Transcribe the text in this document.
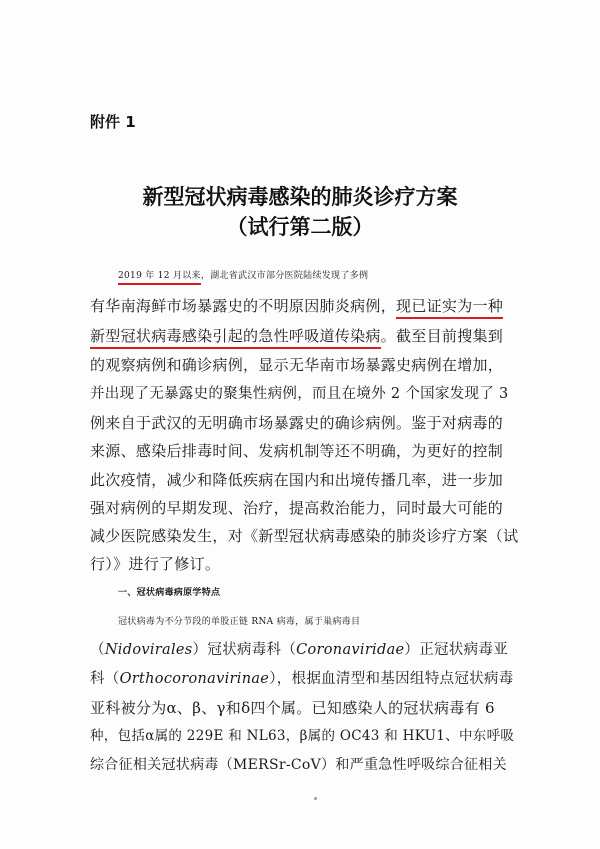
附件 1
新型冠状病毒感染的肺炎诊疗方案
（试行第二版）
2019 年 12 月以来，湖北省武汉市部分医院陆续发现了多例
有华南海鲜市场暴露史的不明原因肺炎病例，现已证实为一种
新型冠状病毒感染引起的急性呼吸道传染病。截至目前搜集到
的观察病例和确诊病例，显示无华南市场暴露史病例在增加，
并出现了无暴露史的聚集性病例，而且在境外 2 个国家发现了 3
例来自于武汉的无明确市场暴露史的确诊病例。鉴于对病毒的
来源、感染后排毒时间、发病机制等还不明确，为更好的控制
此次疫情，减少和降低疾病在国内和出境传播几率，进一步加
强对病例的早期发现、治疗，提高救治能力，同时最大可能的
减少医院感染发生，对《新型冠状病毒感染的肺炎诊疗方案（试
行）》进行了修订。
一、冠状病毒病原学特点
冠状病毒为不分节段的单股正链 RNA 病毒，属于巢病毒目
（Nidovirales）冠状病毒科（Coronaviridae）正冠状病毒亚
科（Orthocoronavirinae），根据血清型和基因组特点冠状病毒
亚科被分为α、β、γ和δ四个属。已知感染人的冠状病毒有 6
种，包括α属的 229E 和 NL63，β属的 OC43 和 HKU1、中东呼吸
综合征相关冠状病毒（MERSr-CoV）和严重急性呼吸综合征相关
